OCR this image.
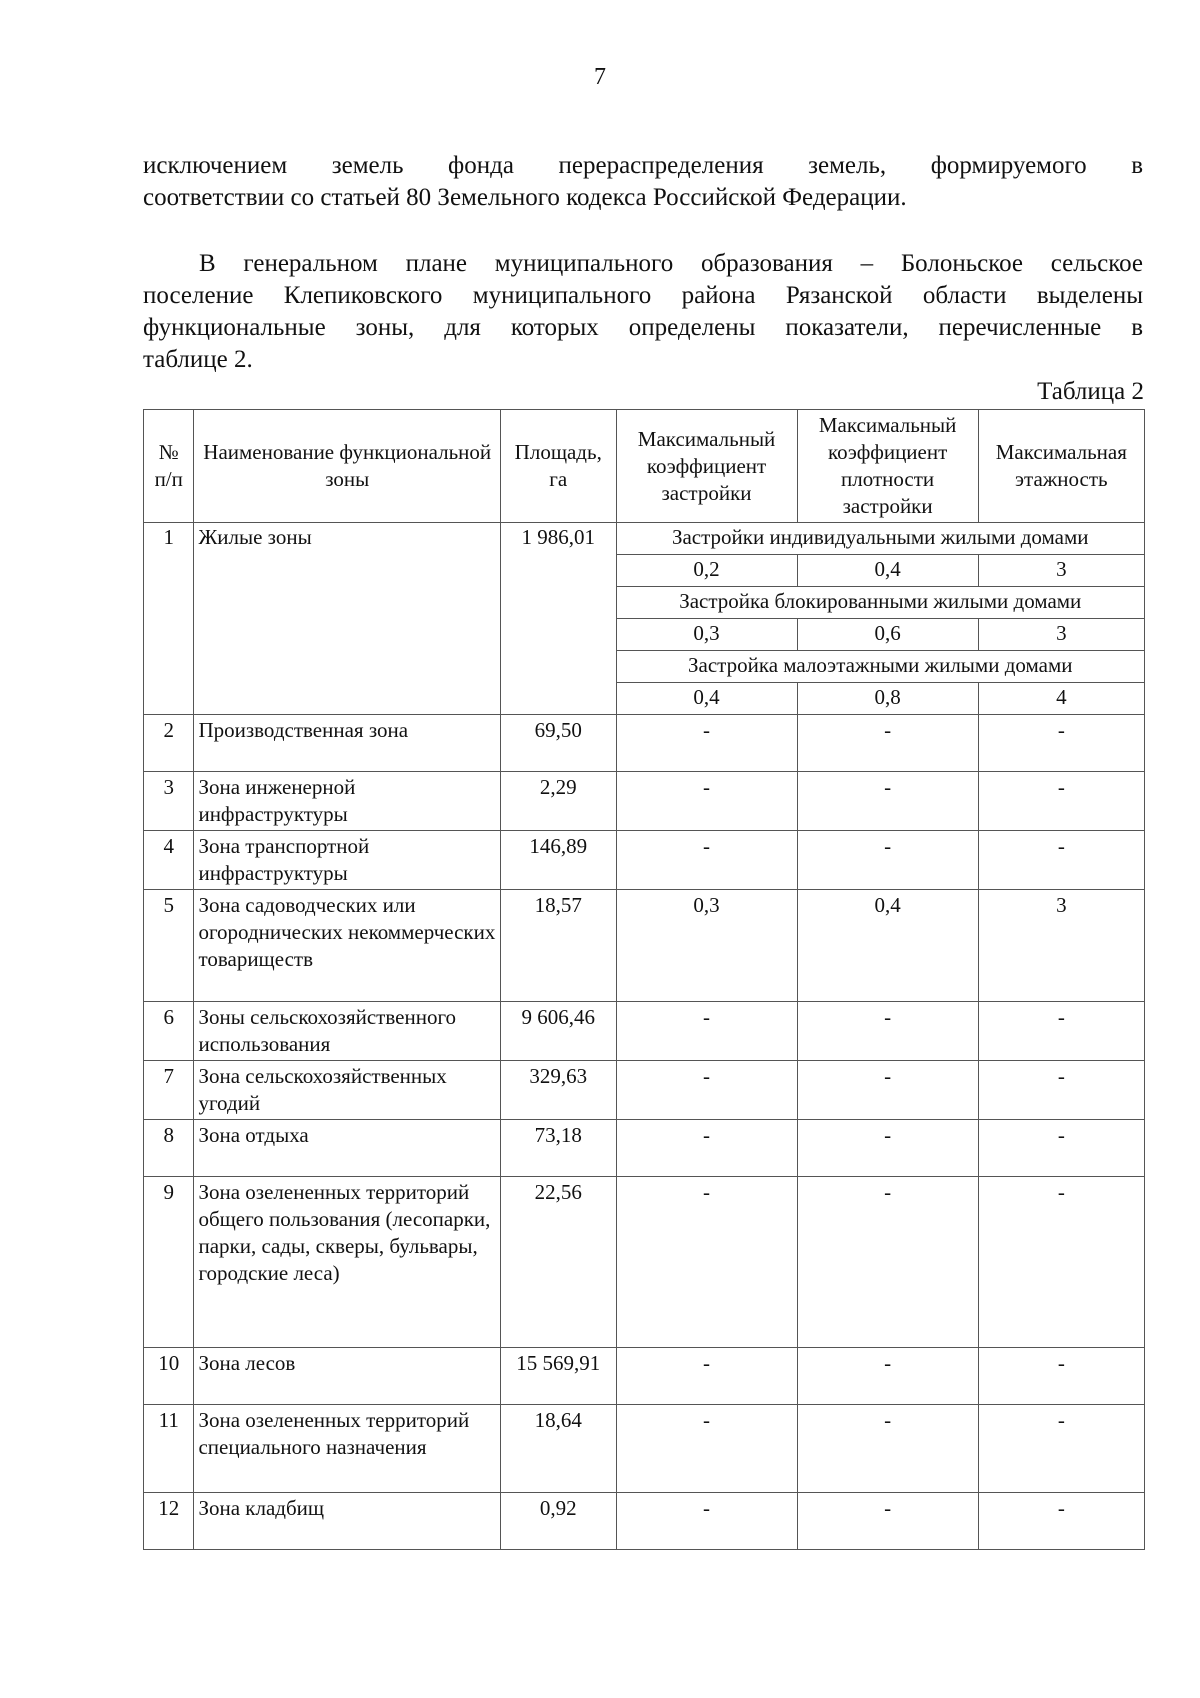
7
исключением земель фонда перераспределения земель, формируемого в
соответствии со статьей 80 Земельного кодекса Российской Федерации.
В генеральном плане муниципального образования – Болоньское сельское
поселение Клепиковского муниципального района Рязанской области выделены
функциональные зоны, для которых определены показатели, перечисленные в
таблице 2.
Таблица 2
№ п/п	Наименование функциональной зоны	Площадь, га	Максимальный коэффициент застройки	Максимальный коэффициент плотности застройки	Максимальная этажность
1	Жилые зоны	1 986,01	Застройки индивидуальными жилыми домами		
			0,2	0,4	3
			Застройка блокированными жилыми домами		
			0,3	0,6	3
			Застройка малоэтажными жилыми домами		
			0,4	0,8	4
2	Производственная зона	69,50	-	-	-
3	Зона инженерной инфраструктуры	2,29	-	-	-
4	Зона транспортной инфраструктуры	146,89	-	-	-
5	Зона садоводческих или огороднических некоммерческих товариществ	18,57	0,3	0,4	3
6	Зоны сельскохозяйственного использования	9 606,46	-	-	-
7	Зона сельскохозяйственных угодий	329,63	-	-	-
8	Зона отдыха	73,18	-	-	-
9	Зона озелененных территорий общего пользования (лесопарки, парки, сады, скверы, бульвары, городские леса)	22,56	-	-	-
10	Зона лесов	15 569,91	-	-	-
11	Зона озелененных территорий специального назначения	18,64	-	-	-
12	Зона кладбищ	0,92	-	-	-
